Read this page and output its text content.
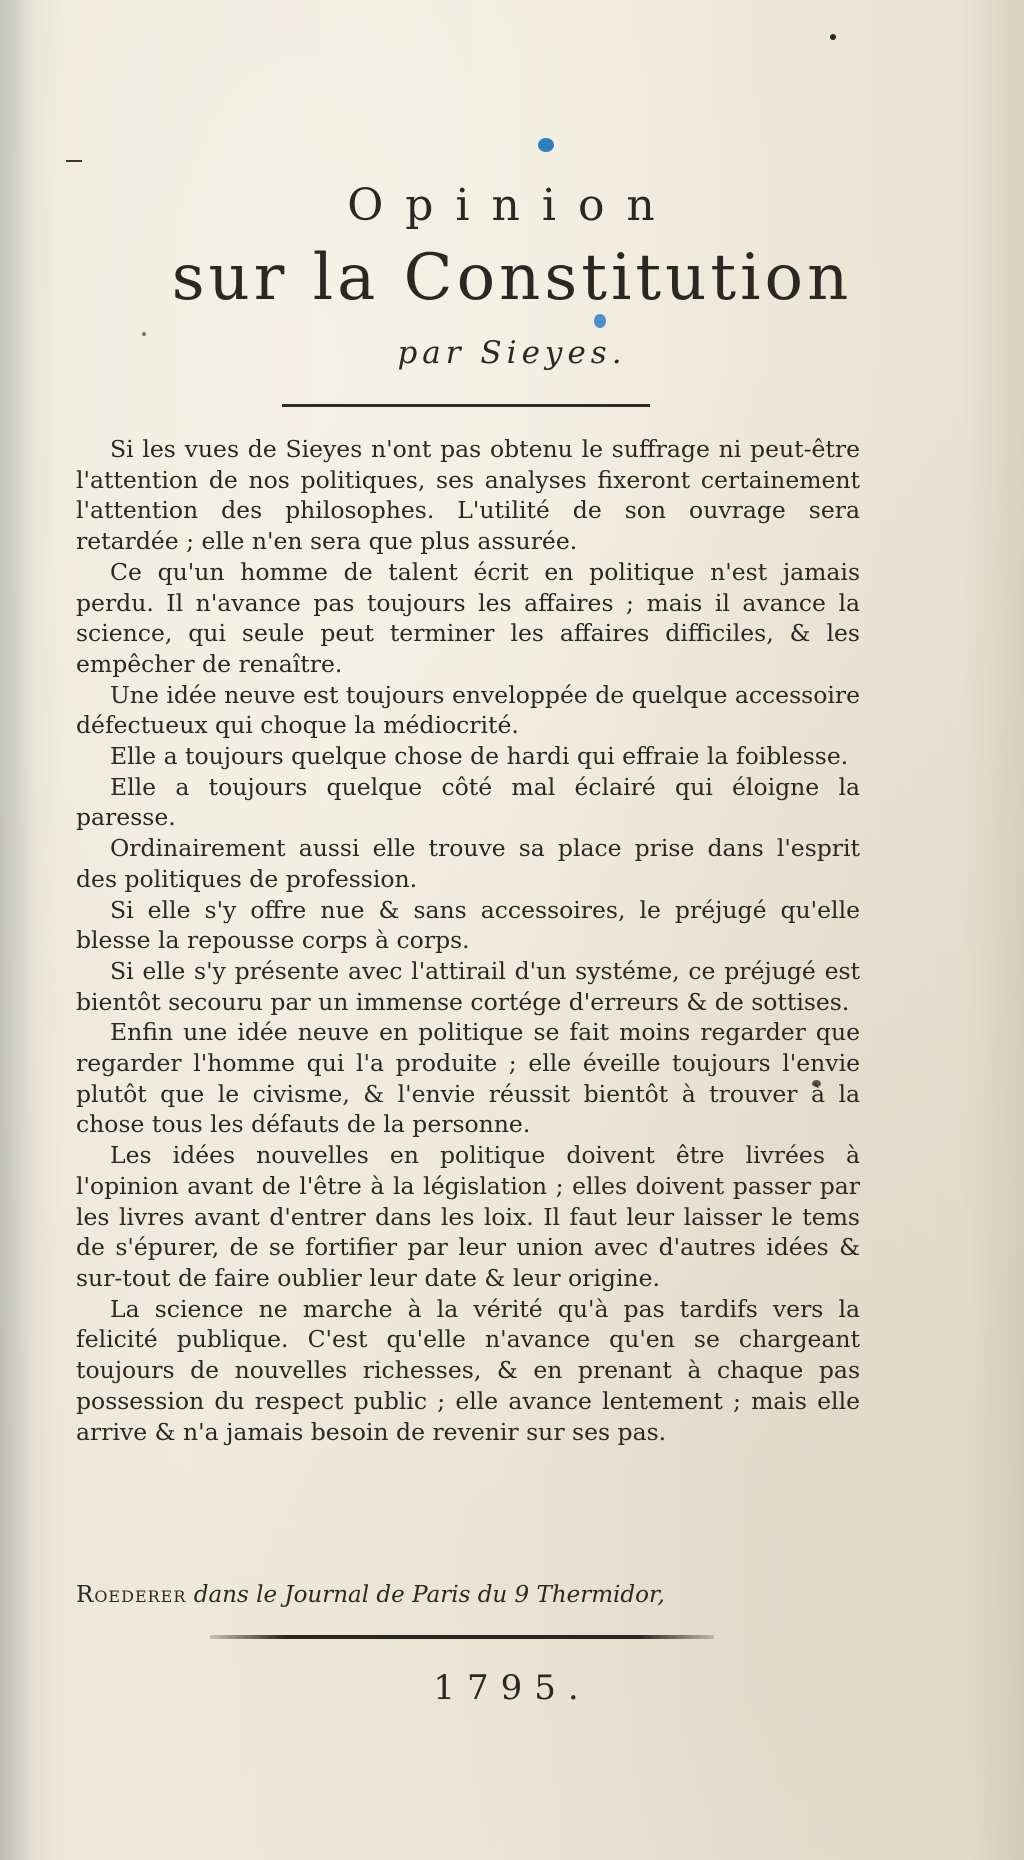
Opinion
sur la Constitution
par Sieyes.

Si les vues de Sieyes n'ont pas obtenu le suffrage ni peut-être l'attention de nos politiques, ses analyses fixeront certainement l'attention des philosophes. L'utilité de son ouvrage sera retardée ; elle n'en sera que plus assurée.

Ce qu'un homme de talent écrit en politique n'est jamais perdu. Il n'avance pas toujours les affaires ; mais il avance la science, qui seule peut terminer les affaires difficiles, & les empêcher de renaître.

Une idée neuve est toujours enveloppée de quelque accessoire défectueux qui choque la médiocrité.

Elle a toujours quelque chose de hardi qui effraie la foiblesse.

Elle a toujours quelque côté mal éclairé qui éloigne la paresse.

Ordinairement aussi elle trouve sa place prise dans l'esprit des politiques de profession.

Si elle s'y offre nue & sans accessoires, le préjugé qu'elle blesse la repousse corps à corps.

Si elle s'y présente avec l'attirail d'un systéme, ce préjugé est bientôt secouru par un immense cortége d'erreurs & de sottises.

Enfin une idée neuve en politique se fait moins regarder que regarder l'homme qui l'a produite ; elle éveille toujours l'envie plutôt que le civisme, & l'envie réussit bientôt à trouver à la chose tous les défauts de la personne.

Les idées nouvelles en politique doivent être livrées à l'opinion avant de l'être à la législation ; elles doivent passer par les livres avant d'entrer dans les loix. Il faut leur laisser le tems de s'épurer, de se fortifier par leur union avec d'autres idées & sur-tout de faire oublier leur date & leur origine.

La science ne marche à la vérité qu'à pas tardifs vers la felicité publique. C'est qu'elle n'avance qu'en se chargeant toujours de nouvelles richesses, & en prenant à chaque pas possession du respect public ; elle avance lentement ; mais elle arrive & n'a jamais besoin de revenir sur ses pas.

Roederer dans le Journal de Paris du 9 Thermidor,
1795.
